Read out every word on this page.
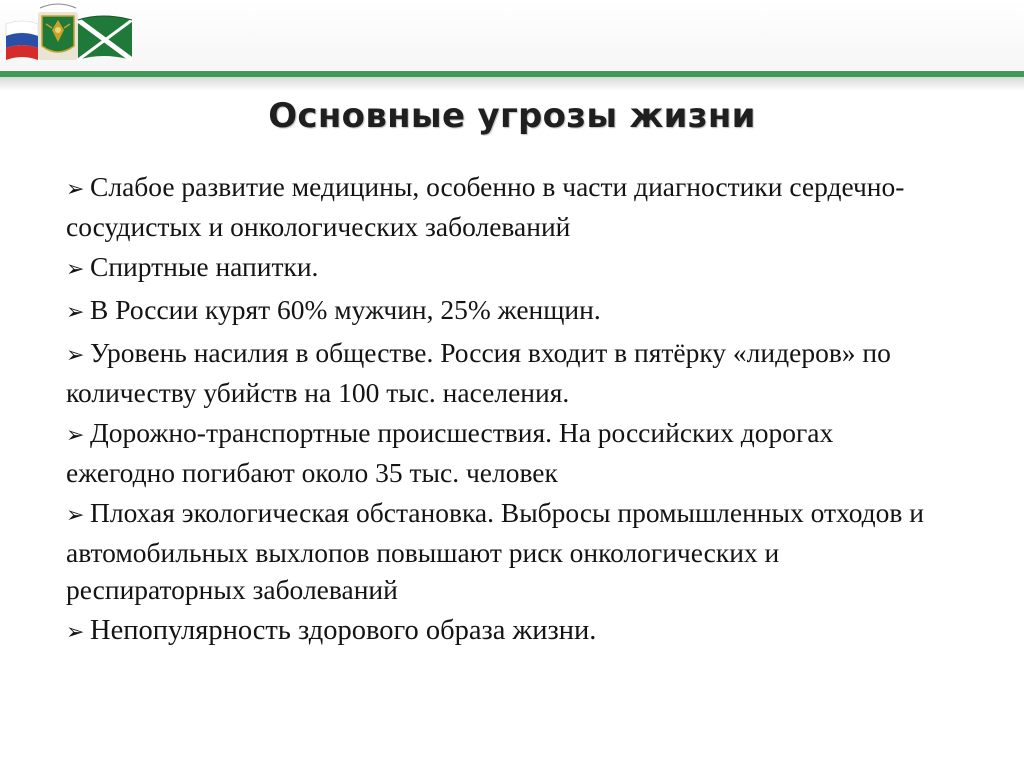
Основные угрозы жизни
➢ Слабое развитие медицины, особенно в части диагностики сердечно-сосудистых и онкологических заболеваний
➢ Спиртные напитки.
➢ В России курят 60% мужчин, 25% женщин.
➢ Уровень насилия в обществе. Россия входит в пятёрку «лидеров» по количеству убийств на 100 тыс. населения.
➢ Дорожно-транспортные происшествия. На российских дорогах ежегодно погибают около 35 тыс. человек
➢ Плохая экологическая обстановка. Выбросы промышленных отходов и автомобильных выхлопов повышают риск онкологических и респираторных заболеваний
➢ Непопулярность здорового образа жизни.
